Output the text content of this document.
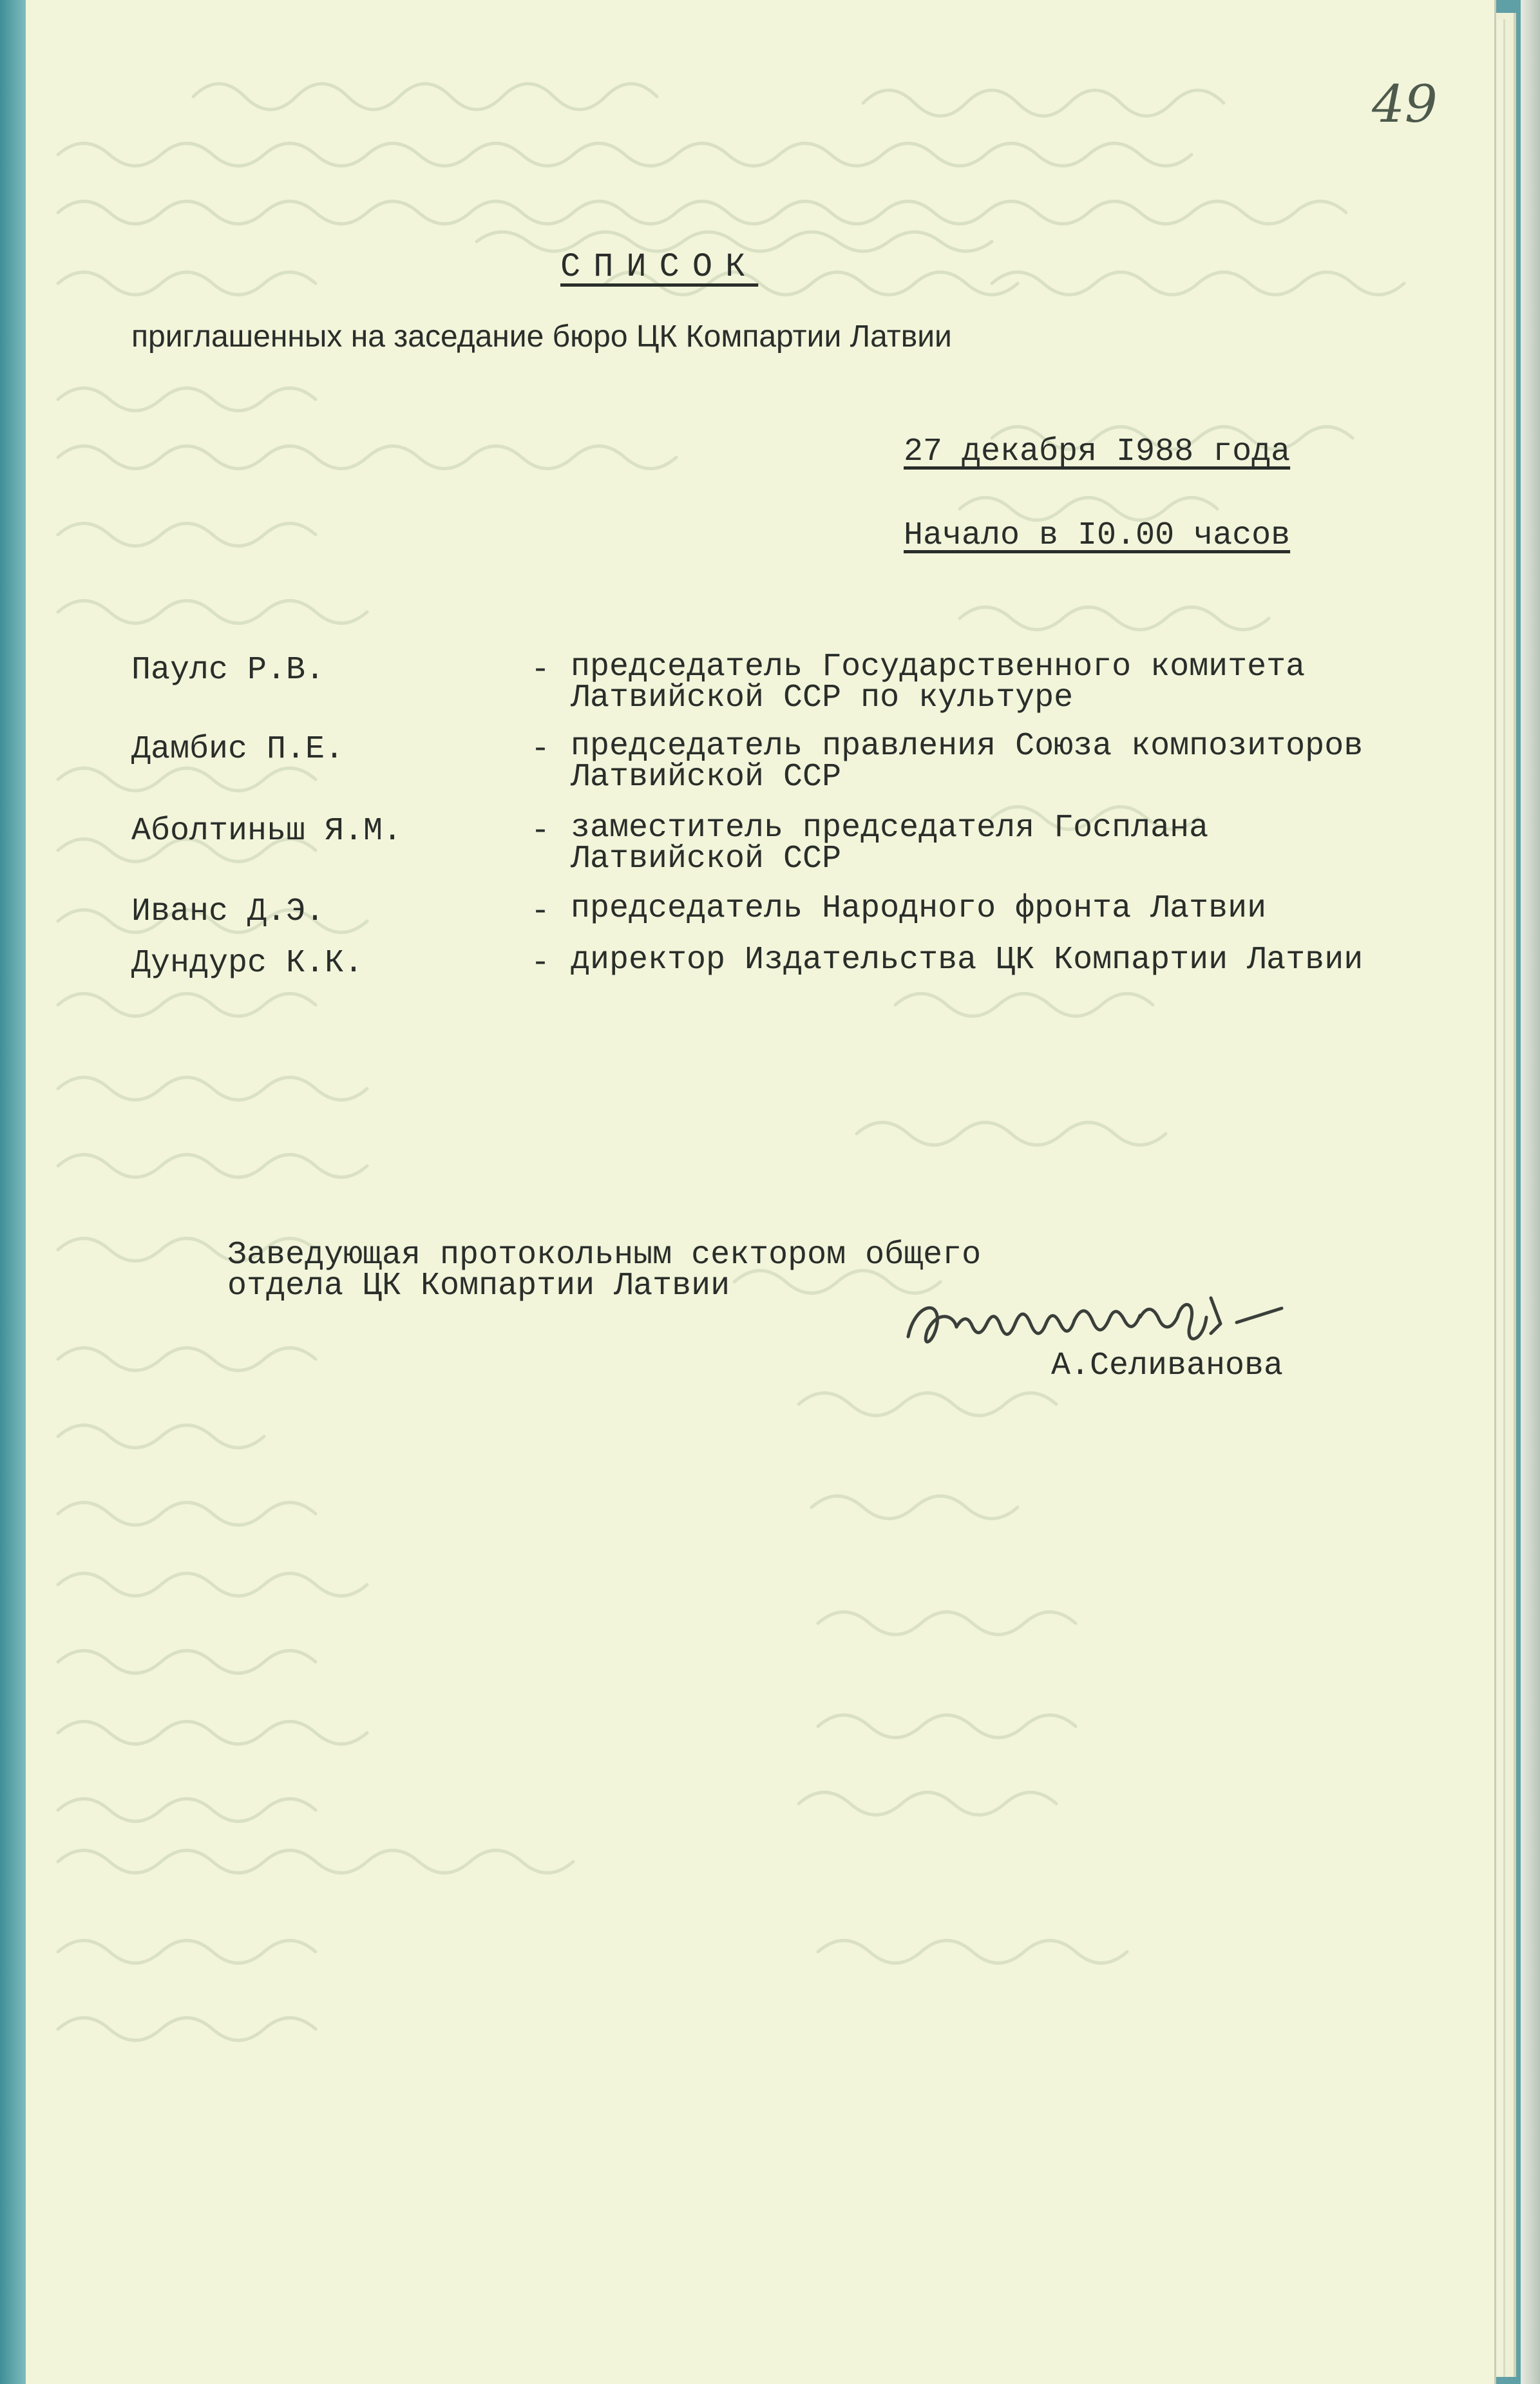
49
СПИСОК
приглашенных на заседание бюро ЦК Компартии Латвии
27 декабря I988 года
Начало в I0.00 часов
Паулс Р.В.	- председатель Государственного комитета
Латвийской ССР по культуре
Дамбис П.Е.	- председатель правления Союза композиторов
Латвийской ССР
Аболтиньш Я.М.	- заместитель председателя Госплана
Латвийской ССР
Иванс Д.Э.	- председатель Народного фронта Латвии
Дундурс К.К.	- директор Издательства ЦК Компартии Латвии
Заведующая протокольным сектором общего
отдела ЦК Компартии Латвии
А.Селиванова
